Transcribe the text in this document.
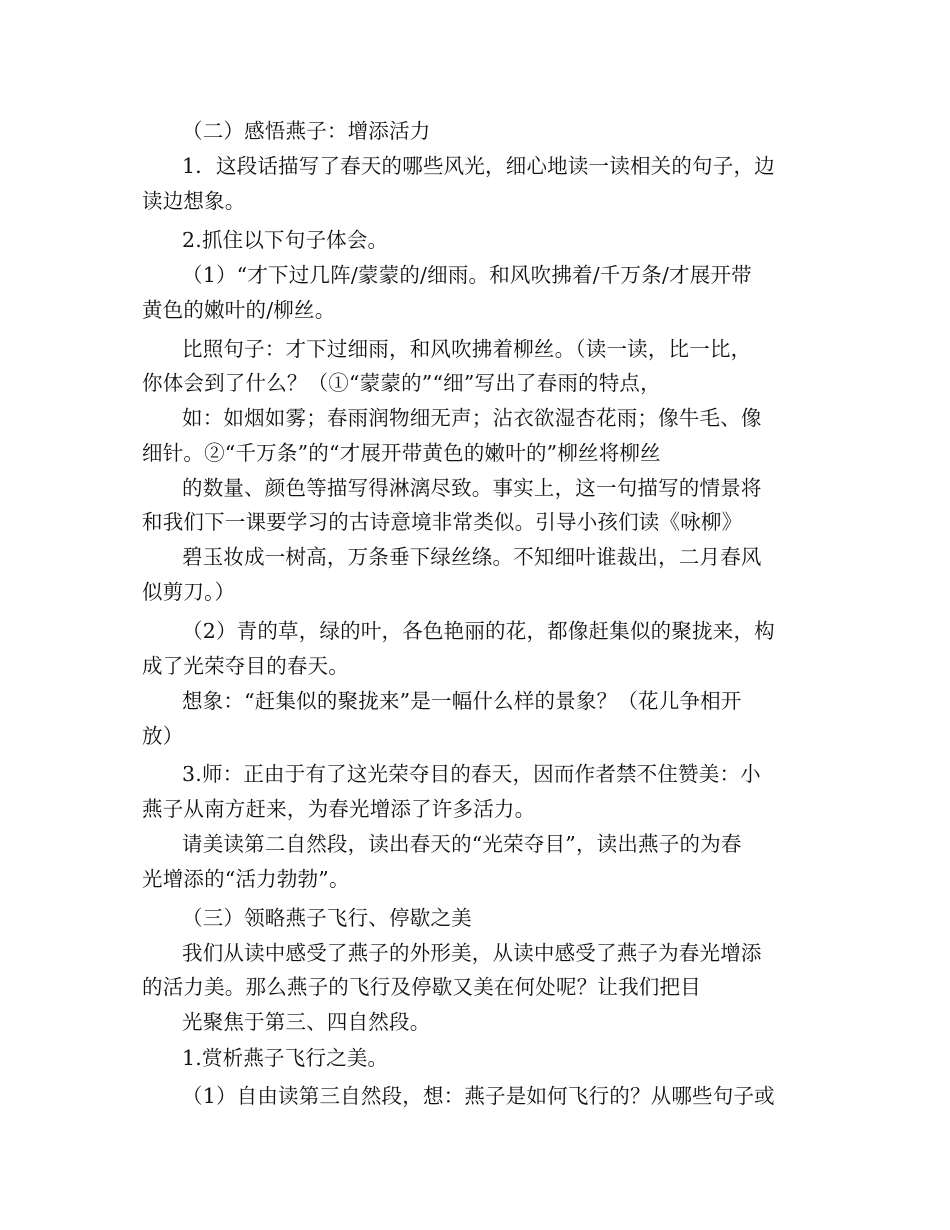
（二）感悟燕子：增添活力
1．这段话描写了春天的哪些风光，细心地读一读相关的句子，边
读边想象。
2.抓住以下句子体会。
（1）“才下过几阵/蒙蒙的/细雨。和风吹拂着/千万条/才展开带
黄色的嫩叶的/柳丝。
比照句子：才下过细雨，和风吹拂着柳丝。（读一读，比一比，
你体会到了什么？（①“蒙蒙的”“细”写出了春雨的特点，
如：如烟如雾；春雨润物细无声；沾衣欲湿杏花雨；像牛毛、像
细针。②“千万条”的“才展开带黄色的嫩叶的”柳丝将柳丝
的数量、颜色等描写得淋漓尽致。事实上，这一句描写的情景将
和我们下一课要学习的古诗意境非常类似。引导小孩们读《咏柳》
碧玉妆成一树高，万条垂下绿丝绦。不知细叶谁裁出，二月春风
似剪刀。）
（2）青的草，绿的叶，各色艳丽的花，都像赶集似的聚拢来，构
成了光荣夺目的春天。
想象：“赶集似的聚拢来”是一幅什么样的景象？（花儿争相开
放）
3.师：正由于有了这光荣夺目的春天，因而作者禁不住赞美：小
燕子从南方赶来，为春光增添了许多活力。
请美读第二自然段，读出春天的“光荣夺目”，读出燕子的为春
光增添的“活力勃勃”。
（三）领略燕子飞行、停歇之美
我们从读中感受了燕子的外形美，从读中感受了燕子为春光增添
的活力美。那么燕子的飞行及停歇又美在何处呢？让我们把目
光聚焦于第三、四自然段。
1.赏析燕子飞行之美。
（1）自由读第三自然段，想：燕子是如何飞行的？从哪些句子或
